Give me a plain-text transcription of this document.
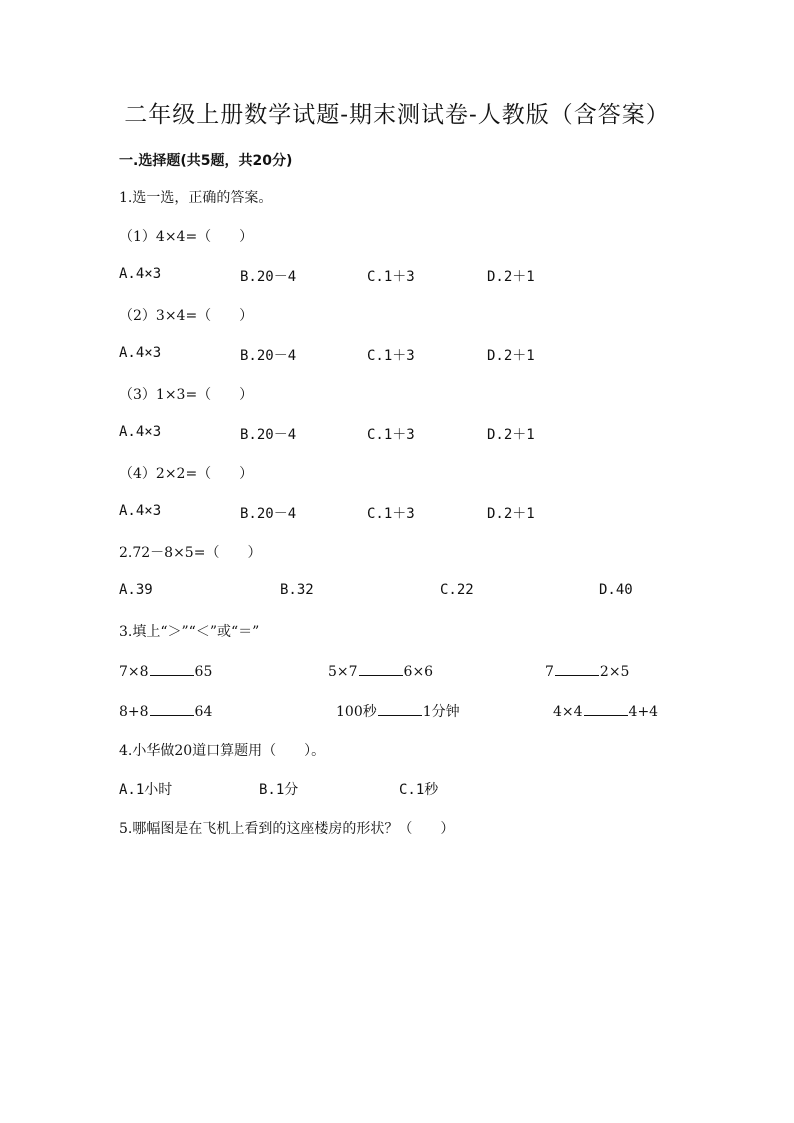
二年级上册数学试题-期末测试卷-人教版（含答案）
一.选择题(共5题，共20分)
1.选一选，正确的答案。
（1）4×4=（　　）
A.4×3	B.20－4	C.1＋3	D.2＋1
（2）3×4=（　　）
A.4×3	B.20－4	C.1＋3	D.2＋1
（3）1×3=（　　）
A.4×3	B.20－4	C.1＋3	D.2＋1
（4）2×2=（　　）
A.4×3	B.20－4	C.1＋3	D.2＋1
2.72－8×5=（　　）
A.39	B.32	C.22	D.40
3.填上“＞”“＜”或“＝”
7×8	65	5×7	6×6	7	2×5
8+8	64	100秒	1分钟	4×4	4+4
4.小华做20道口算题用（　　）。
A.1小时	B.1分	C.1秒
5.哪幅图是在飞机上看到的这座楼房的形状？（　　）
